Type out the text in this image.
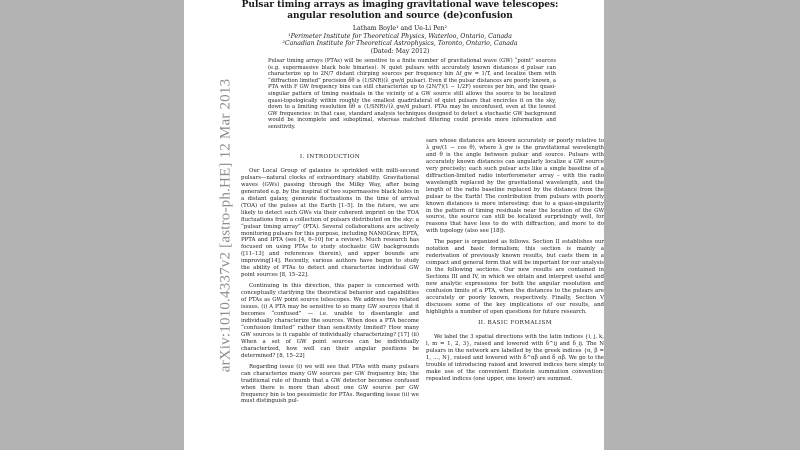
arXiv:1010.4337v2 [astro-ph.HE] 12 Mar 2013
Pulsar timing arrays as imaging gravitational wave telescopes:
angular resolution and source (de)confusion
Latham Boyle¹ and Ue-Li Pen²
¹Perimeter Institute for Theoretical Physics, Waterloo, Ontario, Canada
²Canadian Institute for Theoretical Astrophysics, Toronto, Ontario, Canada
(Dated: May 2012)
Pulsar timing arrays (PTAs) will be sensitive to a finite number of gravitational wave (GW) “point” sources (e.g. supermassive black hole binaries). N quiet pulsars with accurately known distances d_pulsar can characterize up to 2N/7 distant chirping sources per frequency bin Δf_gw = 1/T, and localize them with “diffraction limited” precision δθ ≳ (1/SNR)(λ_gw/d_pulsar). Even if the pulsar distances are poorly known, a PTA with F GW frequency bins can still characterize up to (2N/7)(1 − 1/2F) sources per bin, and the quasi-singular pattern of timing residuals in the vicinity of a GW source still allows the source to be localized quasi-topologically within roughly the smallest quadrilateral of quiet pulsars that encircles it on the sky, down to a limiting resolution δθ ≳ (1/SNR)√(λ_gw/d_pulsar). PTAs may be unconfused, even at the lowest GW frequencies: in that case, standard analysis techniques designed to detect a stochastic GW background would be incomplete and suboptimal, whereas matched filtering could provide more information and sensitivity.
I. INTRODUCTION

Our Local Group of galaxies is sprinkled with milli-second pulsars—natural clocks of extraordinary stability. Gravitational waves (GWs) passing through the Milky Way, after being generated e.g. by the inspiral of two supermassive black holes in a distant galaxy, generate fluctuations in the time of arrival (TOA) of the pulses at the Earth [1–5]. In the future, we are likely to detect such GWs via their coherent imprint on the TOA fluctuations from a collection of pulsars distributed on the sky: a “pulsar timing array” (PTA). Several collaborations are actively monitoring pulsars for this purpose, including NANOGrav, EPTA, PPTA and IPTA (see [4, 6–10] for a review). Much research has focused on using PTAs to study stochastic GW backgrounds ([11–13] and references therein), and upper bounds are improving[14]. Recently, various authors have begun to study the ability of PTAs to detect and characterize individual GW point sources [8, 15–22].

Continuing in this direction, this paper is concerned with conceptually clarifying the theoretical behavior and capabilities of PTAs as GW point source telescopes. We address two related issues. (i) A PTA may be sensitive to so many GW sources that it becomes “confused” — i.e. unable to disentangle and individually characterize the sources. When does a PTA become “confusion limited” rather than sensitivity limited? How many GW sources is it capable of individually characterizing? [17] (ii) When a set of GW point sources can be individually characterized, how well can their angular positions be determined? [8, 15–22]

Regarding issue (i) we will see that PTAs with many pulsars can characterize many GW sources per GW frequency bin; the traditional rule of thumb that a GW detector becomes confused when there is more than about one GW source per GW frequency bin is too pessimistic for PTAs. Regarding issue (ii) we must distinguish pul-

sars whose distances are known accurately or poorly relative to λ_gw/(1 − cos θ), where λ_gw is the gravitational wavelength and θ is the angle between pulsar and source. Pulsars with accurately known distances can angularly localize a GW source very precisely; each such pulsar acts like a single baseline of a diffraction-limited radio interferometer array – with the radio wavelength replaced by the gravitational wavelength, and the length of the radio baseline replaced by the distance from the pulsar to the Earth! The contribution from pulsars with poorly known distances is more interesting: due to a quasi-singularity in the pattern of timing residuals near the location of the GW source, the source can still be localized surprisingly well, for reasons that have less to do with diffraction, and more to do with topology (also see [18]).

The paper is organized as follows. Section II establishes our notation and basic formalism; this section is mainly a rederivation of previously known results, but casts them in a compact and general form that will be important for our analysis in the following sections. Our new results are contained in Sections III and IV, in which we obtain and interpret useful and new analytic expressions for both the angular resolution and confusion limits of a PTA, when the distances to the pulsars are accurately or poorly known, respectively. Finally, Section V discusses some of the key implications of our results, and highlights a number of open questions for future research.

II. BASIC FORMALISM

We label the 3 spatial directions with the latin indices {i, j, k, l, m = 1, 2, 3}, raised and lowered with δ^ij and δ_ij. The N pulsars in the network are labelled by the greek indices {α, β = 1, ..., N}, raised and lowered with δ^αβ and δ_αβ. We go to the trouble of introducing raised and lowered indices here simply to make use of the convenient Einstein summation convention: repeated indices (one upper, one lower) are summed.
